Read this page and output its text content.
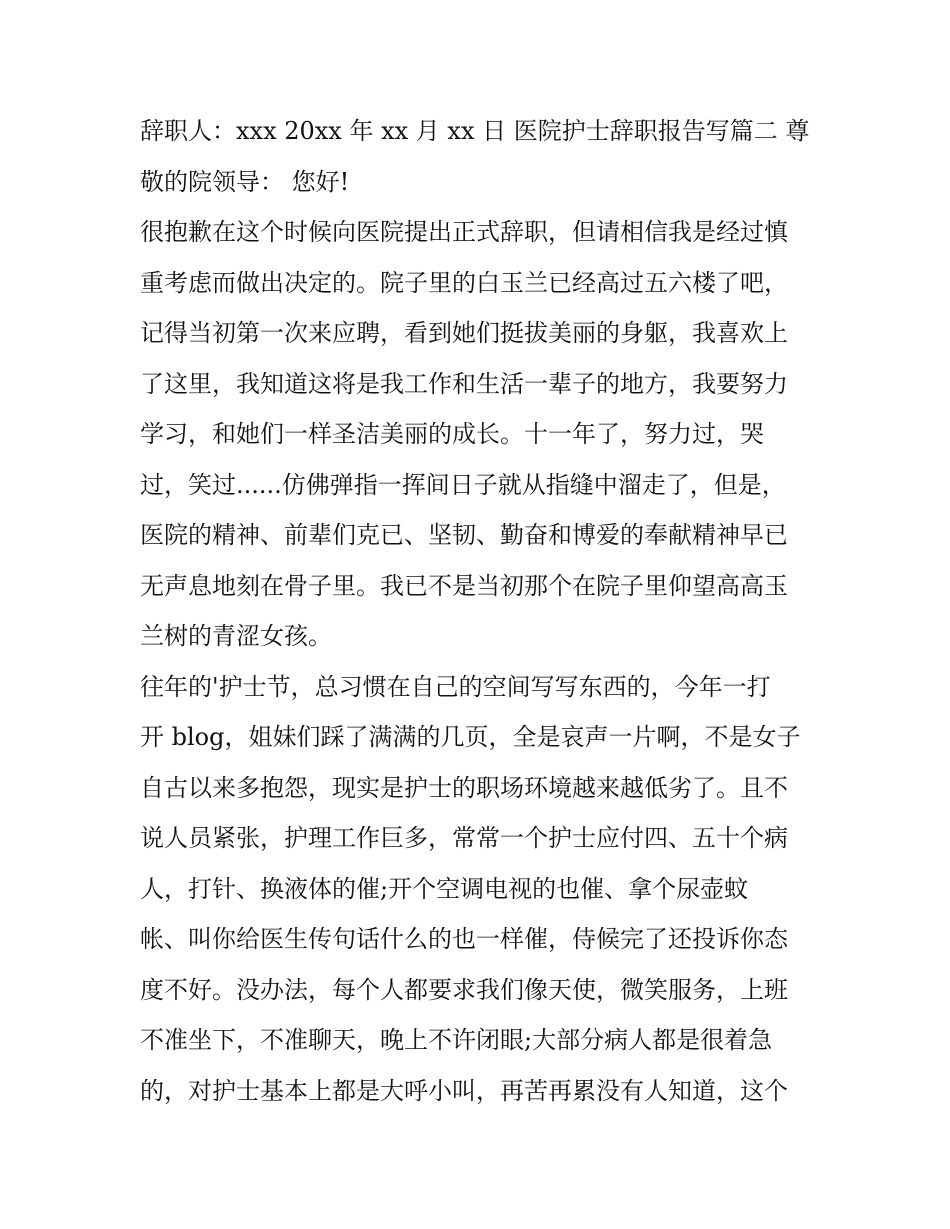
辞职人：xxx 20xx 年 xx 月 xx 日 医院护士辞职报告写篇二 尊
敬的院领导： 您好!
很抱歉在这个时候向医院提出正式辞职，但请相信我是经过慎
重考虑而做出决定的。院子里的白玉兰已经高过五六楼了吧，
记得当初第一次来应聘，看到她们挺拔美丽的身躯，我喜欢上
了这里，我知道这将是我工作和生活一辈子的地方，我要努力
学习，和她们一样圣洁美丽的成长。十一年了，努力过，哭
过，笑过......仿佛弹指一挥间日子就从指缝中溜走了，但是，
医院的精神、前辈们克已、坚韧、勤奋和博爱的奉献精神早已
无声息地刻在骨子里。我已不是当初那个在院子里仰望高高玉
兰树的青涩女孩。
往年的'护士节，总习惯在自己的空间写写东西的，今年一打
开 blog，姐妹们踩了满满的几页，全是哀声一片啊，不是女子
自古以来多抱怨，现实是护士的职场环境越来越低劣了。且不
说人员紧张，护理工作巨多，常常一个护士应付四、五十个病
人，打针、换液体的催;开个空调电视的也催、拿个尿壶蚊
帐、叫你给医生传句话什么的也一样催，侍候完了还投诉你态
度不好。没办法，每个人都要求我们像天使，微笑服务，上班
不准坐下，不准聊天，晚上不许闭眼;大部分病人都是很着急
的，对护士基本上都是大呼小叫，再苦再累没有人知道，这个
